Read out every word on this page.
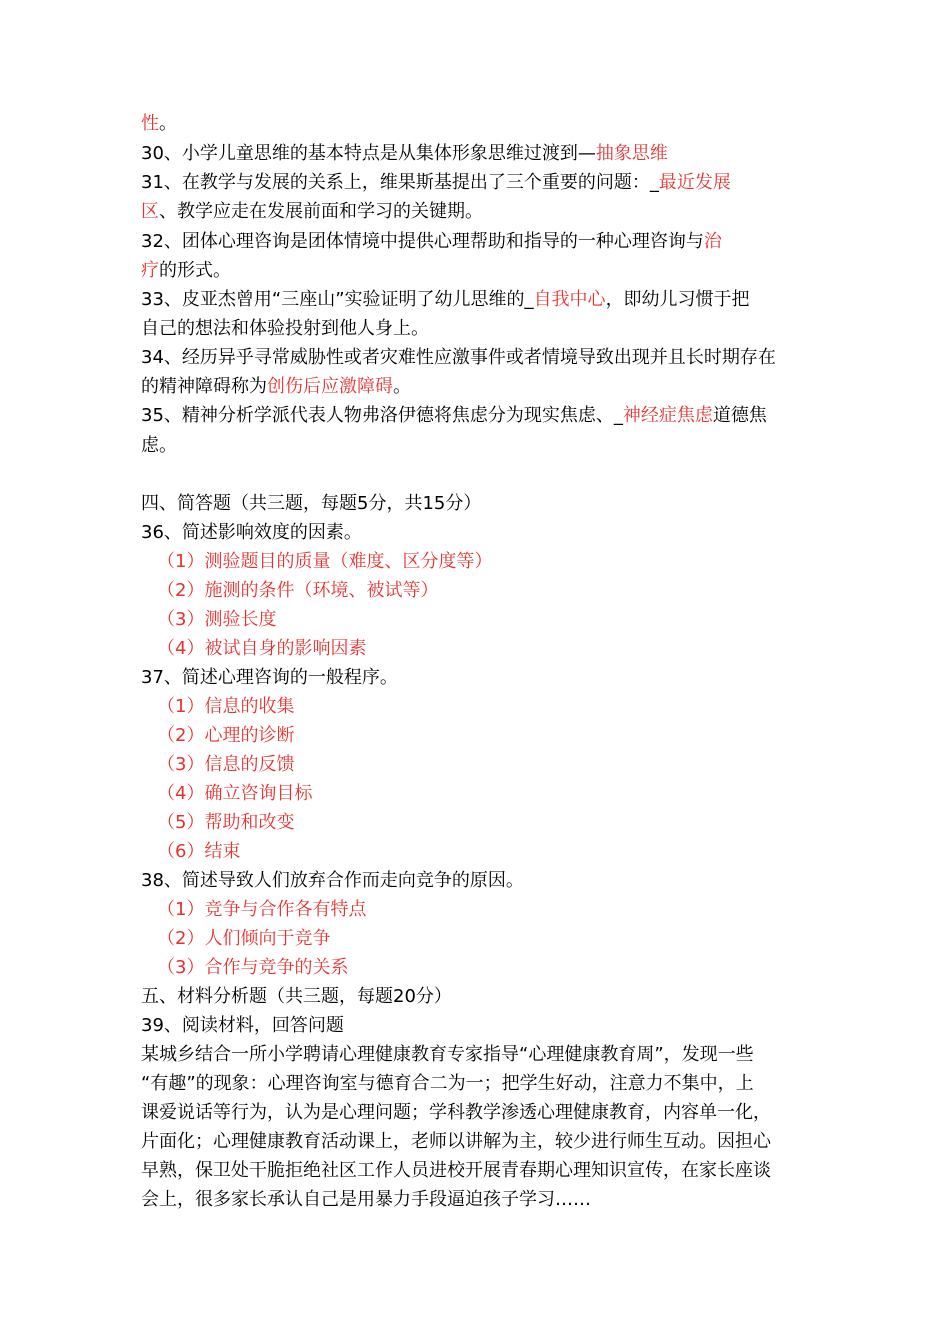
性。
30、小学儿童思维的基本特点是从集体形象思维过渡到—抽象思维
31、在教学与发展的关系上，维果斯基提出了三个重要的问题：_最近发展
区、教学应走在发展前面和学习的关键期。
32、团体心理咨询是团体情境中提供心理帮助和指导的一种心理咨询与治
疗的形式。
33、皮亚杰曾用“三座山”实验证明了幼儿思维的_自我中心，即幼儿习惯于把
自己的想法和体验投射到他人身上。
34、经历异乎寻常威胁性或者灾难性应激事件或者情境导致出现并且长时期存在
的精神障碍称为创伤后应激障碍。
35、精神分析学派代表人物弗洛伊德将焦虑分为现实焦虑、_神经症焦虑道德焦
虑。
四、简答题（共三题，每题5分，共15分）
36、简述影响效度的因素。
（1）测验题目的质量（难度、区分度等）
（2）施测的条件（环境、被试等）
（3）测验长度
（4）被试自身的影响因素
37、简述心理咨询的一般程序。
（1）信息的收集
（2）心理的诊断
（3）信息的反馈
（4）确立咨询目标
（5）帮助和改变
（6）结束
38、简述导致人们放弃合作而走向竞争的原因。
（1）竞争与合作各有特点
（2）人们倾向于竞争
（3）合作与竞争的关系
五、材料分析题（共三题，每题20分）
39、阅读材料，回答问题
某城乡结合一所小学聘请心理健康教育专家指导“心理健康教育周”，发现一些
“有趣”的现象：心理咨询室与德育合二为一；把学生好动，注意力不集中，上
课爱说话等行为，认为是心理问题；学科教学渗透心理健康教育，内容单一化，
片面化；心理健康教育活动课上，老师以讲解为主，较少进行师生互动。因担心
早熟，保卫处干脆拒绝社区工作人员进校开展青春期心理知识宣传，在家长座谈
会上，很多家长承认自己是用暴力手段逼迫孩子学习……
